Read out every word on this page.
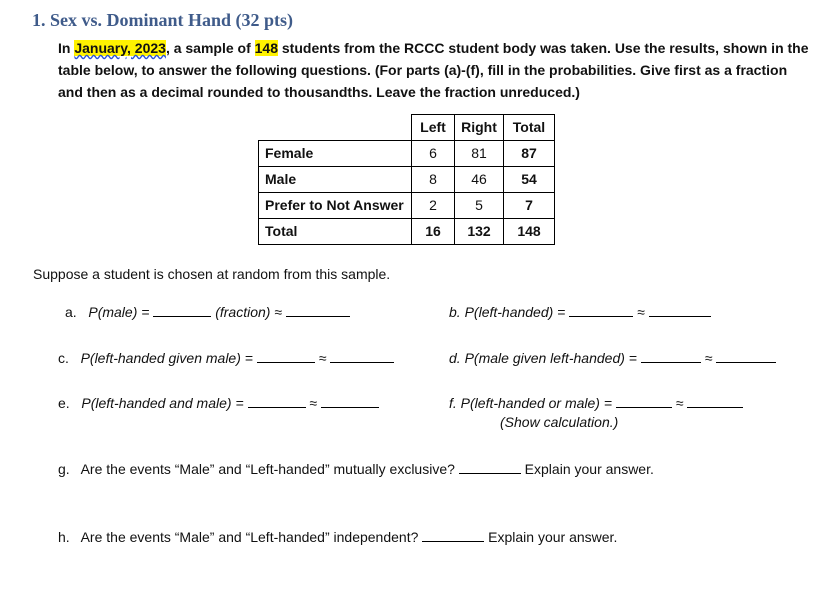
1. Sex vs. Dominant Hand (32 pts)
In January, 2023, a sample of 148 students from the RCCC student body was taken. Use the results, shown in the table below, to answer the following questions. (For parts (a)-(f), fill in the probabilities. Give first as a fraction and then as a decimal rounded to thousandths. Leave the fraction unreduced.)
	Left	Right	Total
Female	6	81	87
Male	8	46	54
Prefer to Not Answer	2	5	7
Total	16	132	148
Suppose a student is chosen at random from this sample.
a. P(male) =	(fraction) ≈	b. P(left-handed) =	≈
c. P(left-handed given male) =	≈	d. P(male given left-handed) =	≈
e. P(left-handed and male) =	≈	f. P(left-handed or male) =	≈
(Show calculation.)
g. Are the events “Male” and “Left-handed” mutually exclusive?	Explain your answer.
h. Are the events “Male” and “Left-handed” independent?	Explain your answer.
